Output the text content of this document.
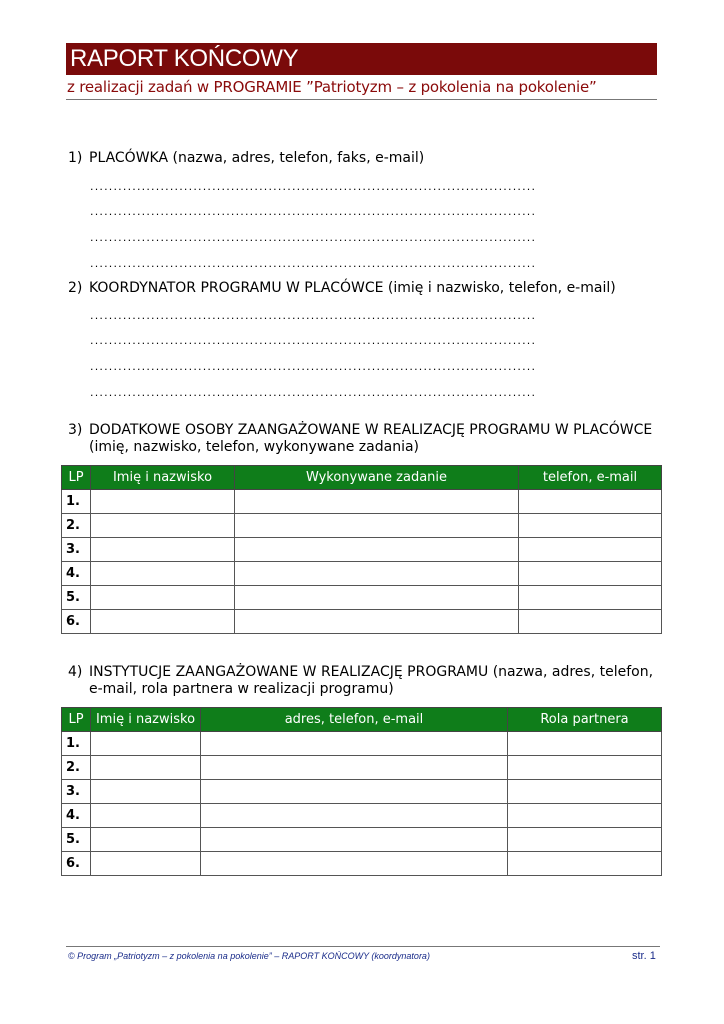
RAPORT KOŃCOWY
z realizacji zadań w PROGRAMIE ”Patriotyzm – z pokolenia na pokolenie”
1) PLACÓWKA (nazwa, adres, telefon, faks, e-mail)
...............................................................................................
...............................................................................................
...............................................................................................
...............................................................................................
2) KOORDYNATOR PROGRAMU W PLACÓWCE (imię i nazwisko, telefon, e-mail)
...............................................................................................
...............................................................................................
...............................................................................................
...............................................................................................
3) DODATKOWE OSOBY ZAANGAŻOWANE W REALIZACJĘ PROGRAMU W PLACÓWCE
(imię, nazwisko, telefon, wykonywane zadania)
LP	Imię i nazwisko	Wykonywane zadanie	telefon, e-mail
1.			
2.			
3.			
4.			
5.			
6.			
4) INSTYTUCJE ZAANGAŻOWANE W REALIZACJĘ PROGRAMU (nazwa, adres, telefon,
e-mail, rola partnera w realizacji programu)
LP	Imię i nazwisko	adres, telefon, e-mail	Rola partnera
1.			
2.			
3.			
4.			
5.			
6.			
© Program „Patriotyzm – z pokolenia na pokolenie” – RAPORT KOŃCOWY (koordynatora)	str. 1
